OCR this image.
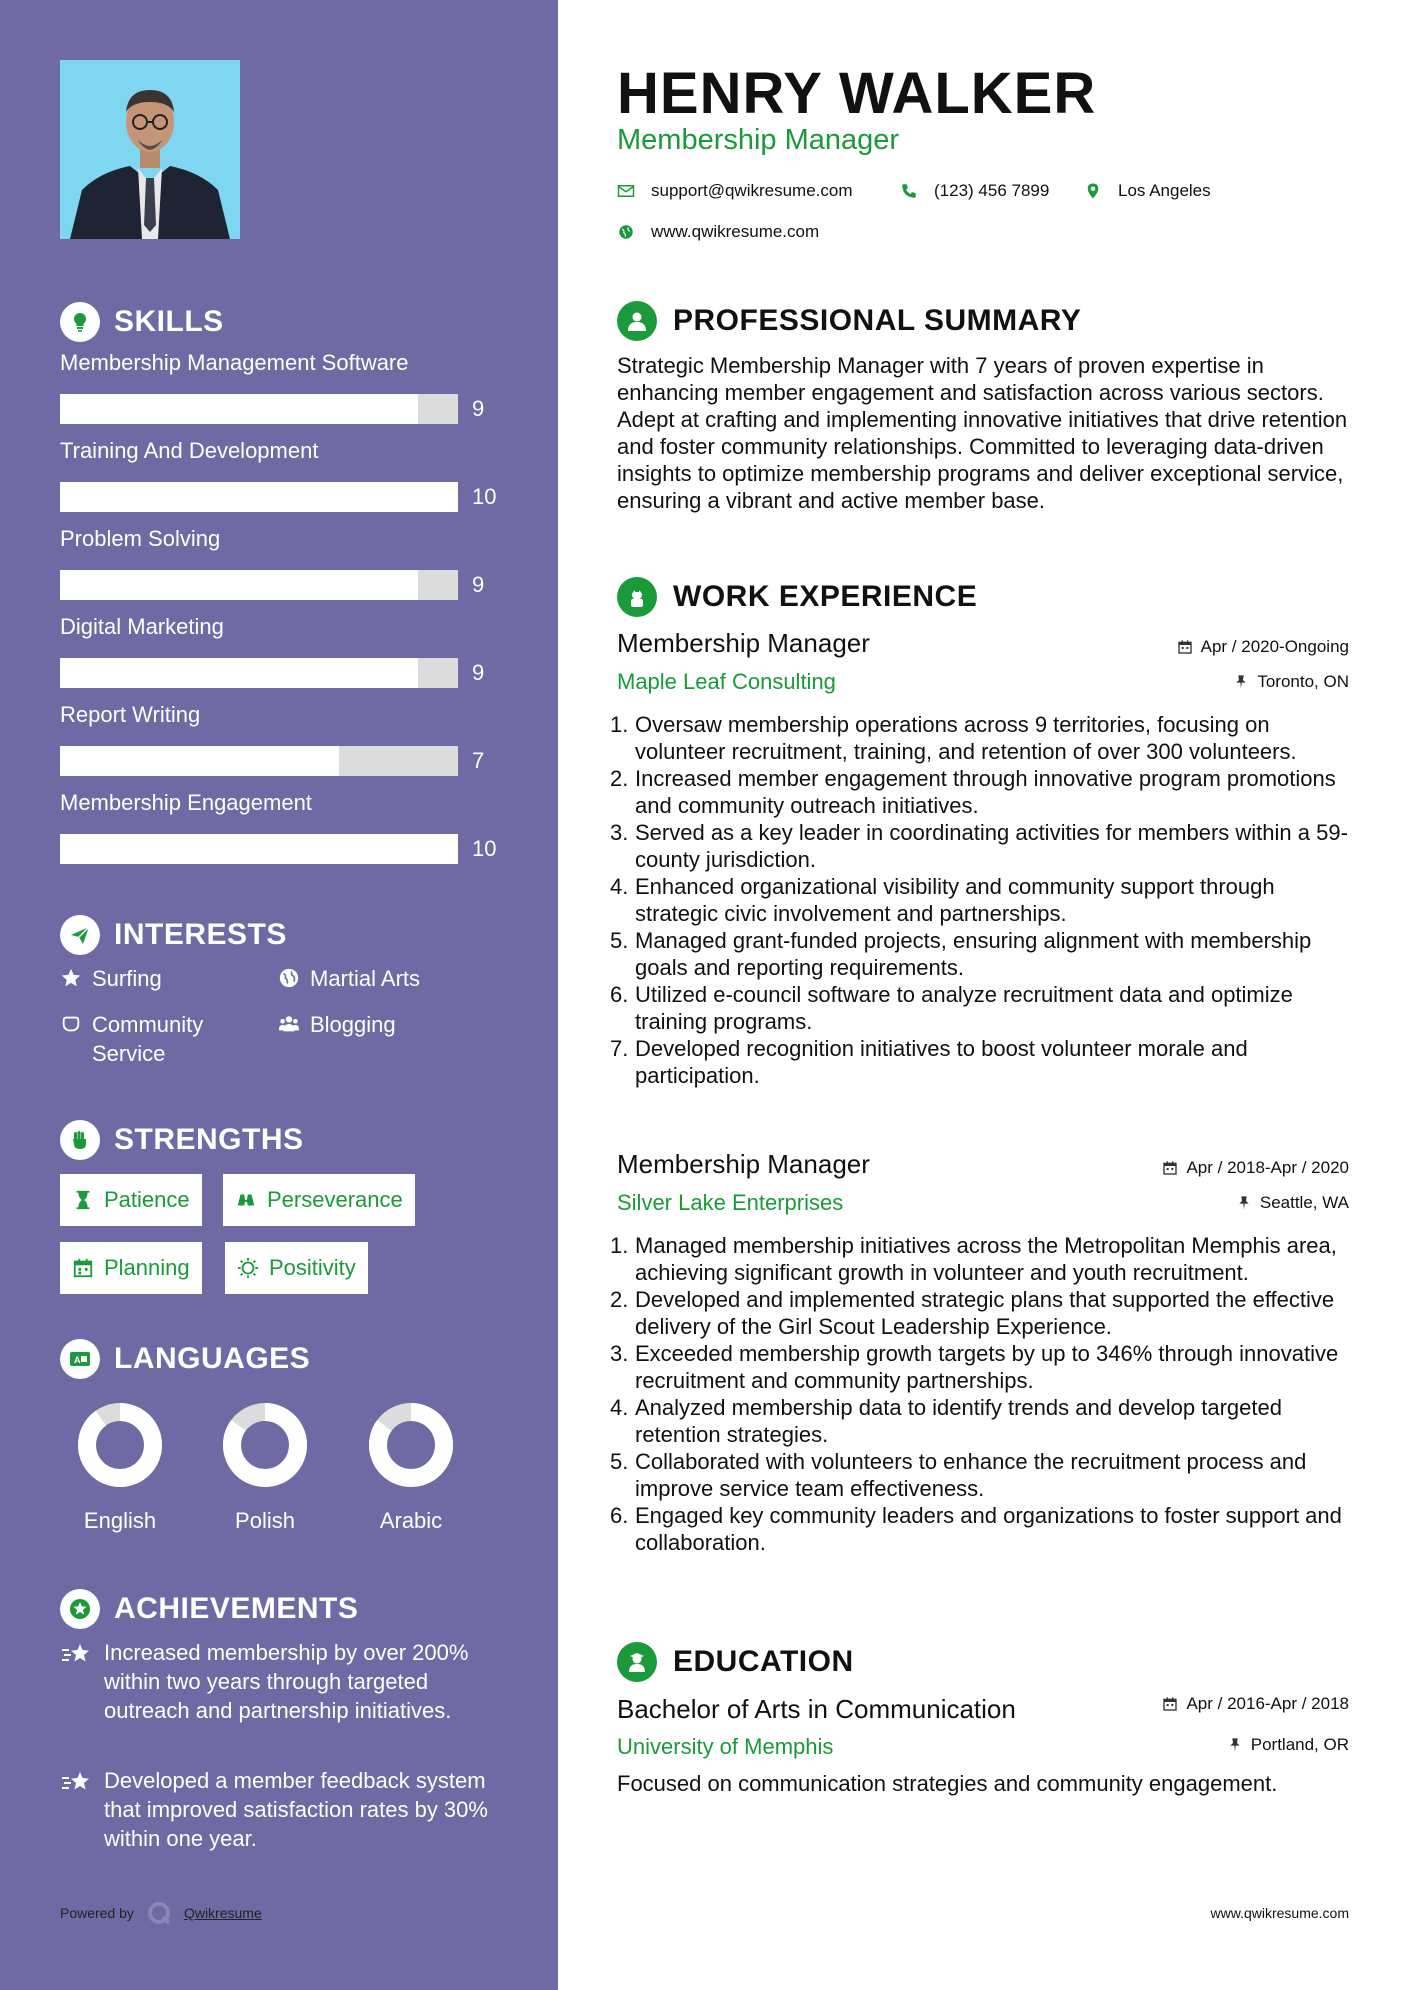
SKILLS
Membership Management Software
9
Training And Development
10
Problem Solving
9
Digital Marketing
9
Report Writing
7
Membership Engagement
10
INTERESTS
Surfing	Martial Arts
Community Service
Blogging
STRENGTHS
Patience	Perseverance
Planning	Positivity
A LANGUAGES
English	Polish	Arabic
ACHIEVEMENTS
Increased membership by over 200% within two years through targeted outreach and partnership initiatives.
Developed a member feedback system that improved satisfaction rates by 30% within one year.
Powered by	Qwikresume
HENRY WALKER
Membership Manager
support@qwikresume.com	(123) 456 7899	Los Angeles
www.qwikresume.com
PROFESSIONAL SUMMARY
Strategic Membership Manager with 7 years of proven expertise in enhancing member engagement and satisfaction across various sectors. Adept at crafting and implementing innovative initiatives that drive retention and foster community relationships. Committed to leveraging data-driven insights to optimize membership programs and deliver exceptional service, ensuring a vibrant and active member base.
WORK EXPERIENCE
Membership Manager
Maple Leaf Consulting
Apr / 2020-Ongoing
Toronto, ON
1. Oversaw membership operations across 9 territories, focusing on volunteer recruitment, training, and retention of over 300 volunteers.
2. Increased member engagement through innovative program promotions and community outreach initiatives.
3. Served as a key leader in coordinating activities for members within a 59-county jurisdiction.
4. Enhanced organizational visibility and community support through strategic civic involvement and partnerships.
5. Managed grant-funded projects, ensuring alignment with membership goals and reporting requirements.
6. Utilized e-council software to analyze recruitment data and optimize training programs.
7. Developed recognition initiatives to boost volunteer morale and participation.
Membership Manager
Silver Lake Enterprises
Apr / 2018-Apr / 2020
Seattle, WA
1. Managed membership initiatives across the Metropolitan Memphis area, achieving significant growth in volunteer and youth recruitment.
2. Developed and implemented strategic plans that supported the effective delivery of the Girl Scout Leadership Experience.
3. Exceeded membership growth targets by up to 346% through innovative recruitment and community partnerships.
4. Analyzed membership data to identify trends and develop targeted retention strategies.
5. Collaborated with volunteers to enhance the recruitment process and improve service team effectiveness.
6. Engaged key community leaders and organizations to foster support and collaboration.
EDUCATION
Bachelor of Arts in Communication
University of Memphis
Apr / 2016-Apr / 2018
Portland, OR
Focused on communication strategies and community engagement.
www.qwikresume.com
